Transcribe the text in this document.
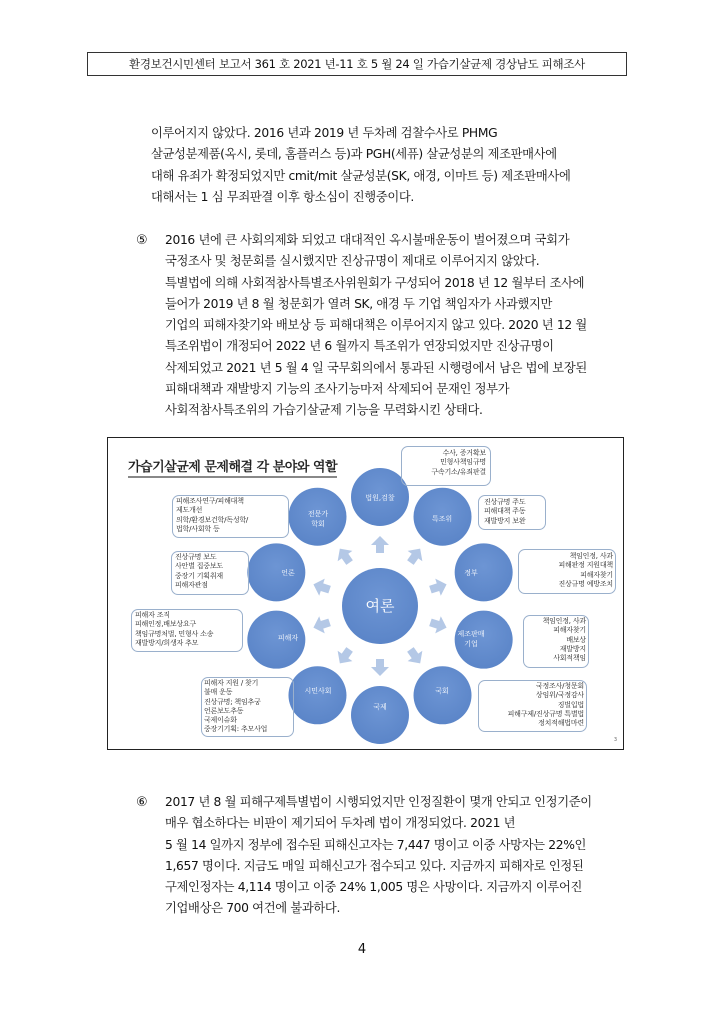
환경보건시민센터 보고서 361 호 2021 년-11 호 5 월 24 일 가습기살균제 경상남도 피해조사
이루어지지 않았다. 2016 년과 2019 년 두차례 검찰수사로 PHMG
살균성분제품(옥시, 롯데, 홈플러스 등)과 PGH(세퓨) 살균성분의 제조판매사에
대해 유죄가 확정되었지만 cmit/mit 살균성분(SK, 애경, 이마트 등) 제조판매사에
대해서는 1 심 무죄판결 이후 항소심이 진행중이다.
⑤ 2016 년에 큰 사회의제화 되었고 대대적인 옥시불매운동이 벌어졌으며 국회가
국정조사 및 청문회를 실시했지만 진상규명이 제대로 이루어지지 않았다.
특별법에 의해 사회적참사특별조사위원회가 구성되어 2018 년 12 월부터 조사에
들어가 2019 년 8 월 청문회가 열려 SK, 애경 두 기업 책임자가 사과했지만
기업의 피해자찾기와 배보상 등 피해대책은 이루어지지 않고 있다. 2020 년 12 월
특조위법이 개정되어 2022 년 6 월까지 특조위가 연장되었지만 진상규명이
삭제되었고 2021 년 5 월 4 일 국무회의에서 통과된 시행령에서 남은 법에 보장된
피해대책과 재발방지 기능의 조사기능마저 삭제되어 문재인 정부가
사회적참사특조위의 가습기살균제 기능을 무력화시킨 상태다.
가습기살균제 문제해결 각 분야와 역할
여론
법원,검찰
특조위
정부
제조판매
기업
국회
국제
시민사회
피해자
언론
전문가
학회
수사, 증거확보
민형사책임규명
구속기소/유죄판결
진상규명 주도
피해대책 주동
재발방지 보완
책임인정, 사과
피해판정 지원대책
피해자찾기
진상규명 예방조치
책임인정, 사과
피해자찾기
배보상
재발방지
사회적책임
국정조사/청문회
상임위/국정감사
징벌입법
피해구제/진상규명 특별법
정치적해법마련
피해자 지원 / 찾기
불매 운동
진상규명; 책임추궁
언론보도추동
국제이슈화
중장기기획: 추모사업
피해자 조직
피해인정,배보상요구
책임규명처벌, 민형사 소송
재발방지/희생자 추모
진상규명 보도
사안별 집중보도
중장기 기획취재
피해자관점
피해조사연구/피해대책
제도개선
의학/환경보건학/독성학/
법학/사회학 등
3
⑥ 2017 년 8 월 피해구제특별법이 시행되었지만 인정질환이 몇개 안되고 인정기준이
매우 협소하다는 비판이 제기되어 두차례 법이 개정되었다. 2021 년
5 월 14 일까지 정부에 접수된 피해신고자는 7,447 명이고 이중 사망자는 22%인
1,657 명이다. 지금도 매일 피해신고가 접수되고 있다. 지금까지 피해자로 인정된
구제인정자는 4,114 명이고 이중 24% 1,005 명은 사망이다. 지금까지 이루어진
기업배상은 700 여건에 불과하다.
4
